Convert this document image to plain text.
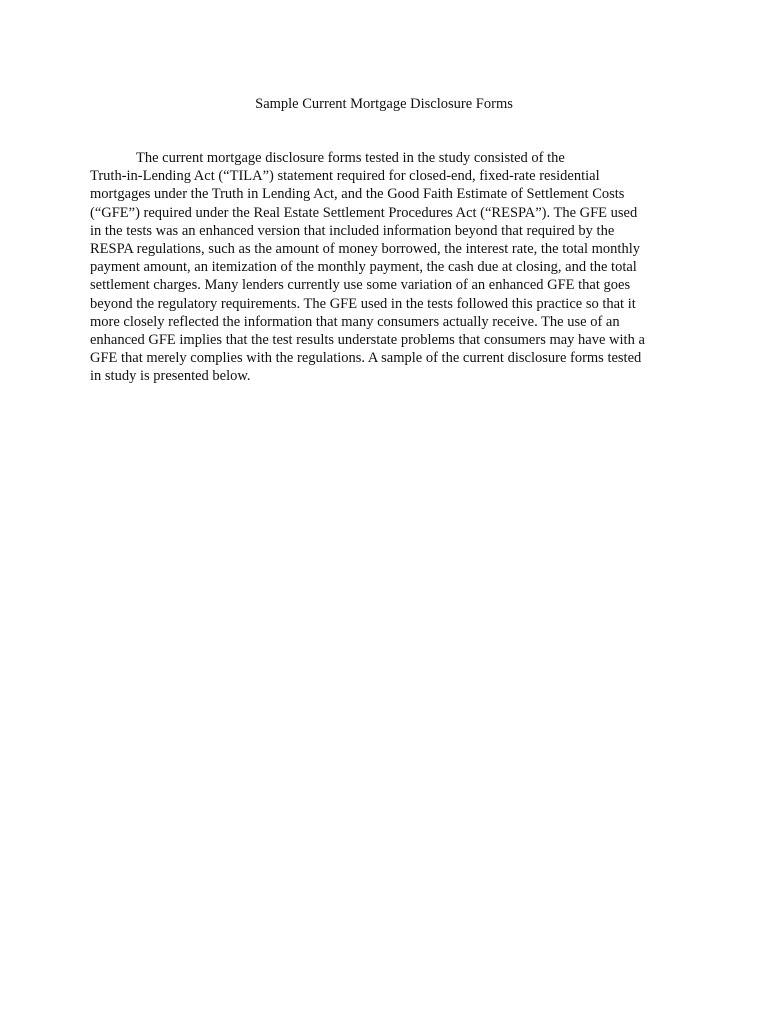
Sample Current Mortgage Disclosure Forms
The current mortgage disclosure forms tested in the study consisted of the
Truth-in-Lending Act (“TILA”) statement required for closed-end, fixed-rate residential
mortgages under the Truth in Lending Act, and the Good Faith Estimate of Settlement Costs
(“GFE”) required under the Real Estate Settlement Procedures Act (“RESPA”). The GFE used
in the tests was an enhanced version that included information beyond that required by the
RESPA regulations, such as the amount of money borrowed, the interest rate, the total monthly
payment amount, an itemization of the monthly payment, the cash due at closing, and the total
settlement charges. Many lenders currently use some variation of an enhanced GFE that goes
beyond the regulatory requirements. The GFE used in the tests followed this practice so that it
more closely reflected the information that many consumers actually receive. The use of an
enhanced GFE implies that the test results understate problems that consumers may have with a
GFE that merely complies with the regulations. A sample of the current disclosure forms tested
in study is presented below.
